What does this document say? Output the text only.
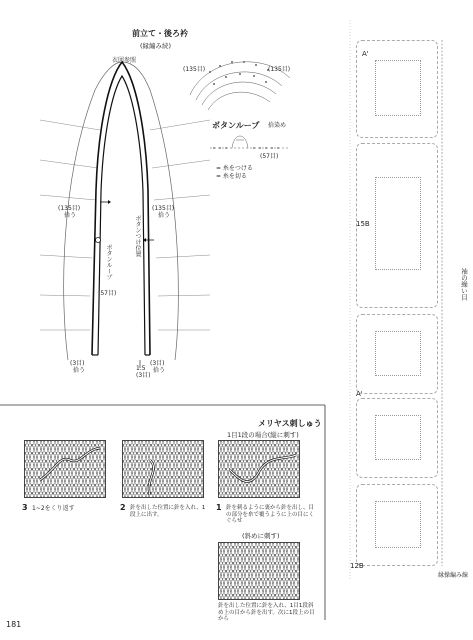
前立て・後ろ衿
(縁編み続)
衣図参照
(135目)
拾う
(135目)
拾う
ボタンループ
ボタンつけ位置
(57目)
(3目)
拾う	1.5
(3目)
(3目)
拾う
(135目)	(135目)
ボタンループ 拾染め
(57目)
= 糸をつける
= 糸を切る
A'
15B
A'
12B
袖の繰い目
縁操編み線
メリヤス刺しゅう
1目1段の場合(縦に刺す)
3 1~2をくり返す	2 針を出した位置に針を入れ、1段上に出す。
1 針を刺るように裏から針を出し、目の部分を糸で覆うように上の目にくぐらせ
(斜めに刺す)
針を出した位置に針を入れ、1目1段斜め上の目から針を出す。次に1段上の目から
181
